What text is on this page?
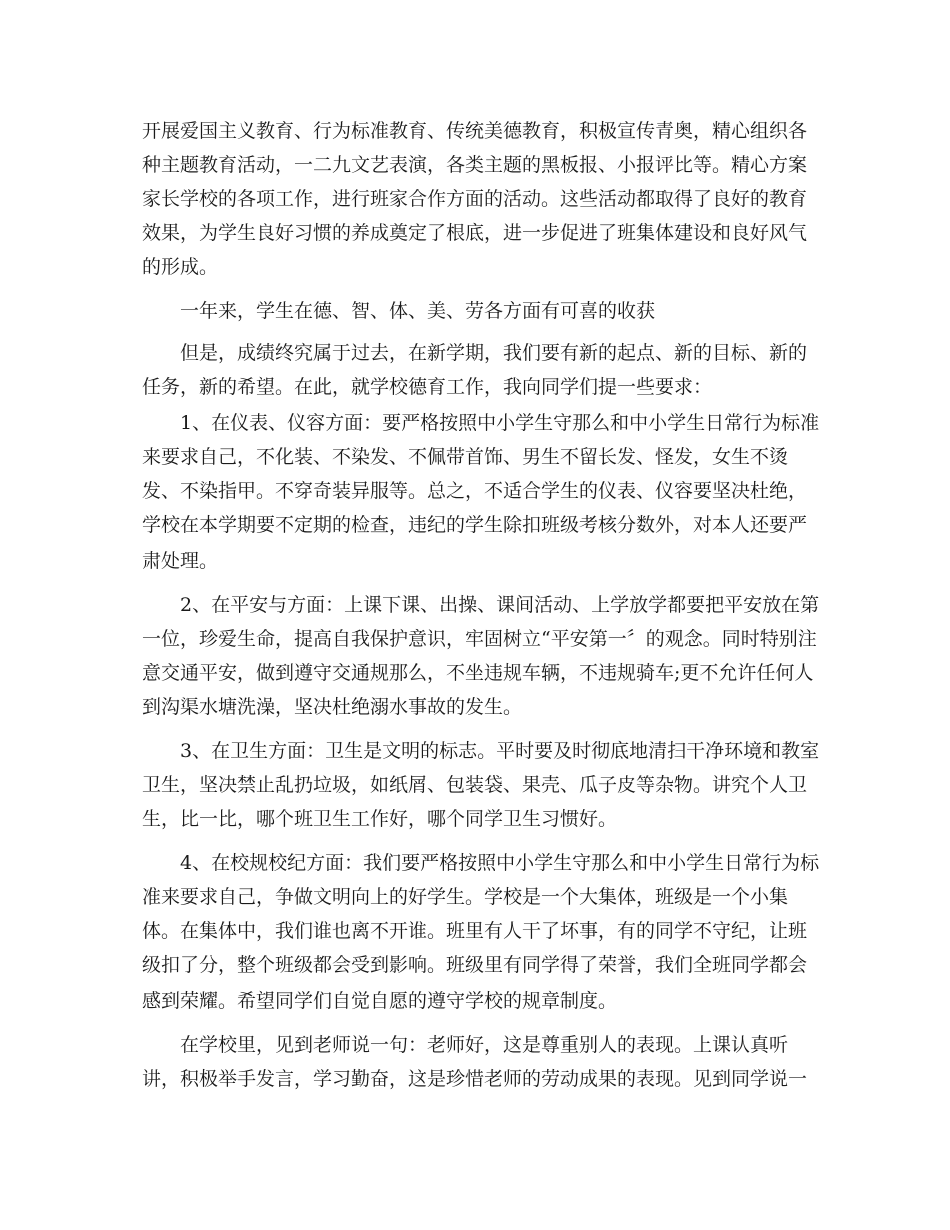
开展爱国主义教育、行为标准教育、传统美德教育，积极宣传青奥，精心组织各
种主题教育活动，一二九文艺表演，各类主题的黑板报、小报评比等。精心方案
家长学校的各项工作，进行班家合作方面的活动。这些活动都取得了良好的教育
效果，为学生良好习惯的养成奠定了根底，进一步促进了班集体建设和良好风气
的形成。
一年来，学生在德、智、体、美、劳各方面有可喜的收获
但是，成绩终究属于过去，在新学期，我们要有新的起点、新的目标、新的
任务，新的希望。在此，就学校德育工作，我向同学们提一些要求：
1、在仪表、仪容方面：要严格按照中小学生守那么和中小学生日常行为标准
来要求自己，不化装、不染发、不佩带首饰、男生不留长发、怪发，女生不烫
发、不染指甲。不穿奇装异服等。总之，不适合学生的仪表、仪容要坚决杜绝，
学校在本学期要不定期的检查，违纪的学生除扣班级考核分数外，对本人还要严
肃处理。
2、在平安与方面：上课下课、出操、课间活动、上学放学都要把平安放在第
一位，珍爱生命，提高自我保护意识，牢固树立“平安第一〞的观念。同时特别注
意交通平安，做到遵守交通规那么，不坐违规车辆，不违规骑车;更不允许任何人
到沟渠水塘洗澡，坚决杜绝溺水事故的发生。
3、在卫生方面：卫生是文明的标志。平时要及时彻底地清扫干净环境和教室
卫生，坚决禁止乱扔垃圾，如纸屑、包装袋、果壳、瓜子皮等杂物。讲究个人卫
生，比一比，哪个班卫生工作好，哪个同学卫生习惯好。
4、在校规校纪方面：我们要严格按照中小学生守那么和中小学生日常行为标
准来要求自己，争做文明向上的好学生。学校是一个大集体，班级是一个小集
体。在集体中，我们谁也离不开谁。班里有人干了坏事，有的同学不守纪，让班
级扣了分，整个班级都会受到影响。班级里有同学得了荣誉，我们全班同学都会
感到荣耀。希望同学们自觉自愿的遵守学校的规章制度。
在学校里，见到老师说一句：老师好，这是尊重别人的表现。上课认真听
讲，积极举手发言，学习勤奋，这是珍惜老师的劳动成果的表现。见到同学说一
